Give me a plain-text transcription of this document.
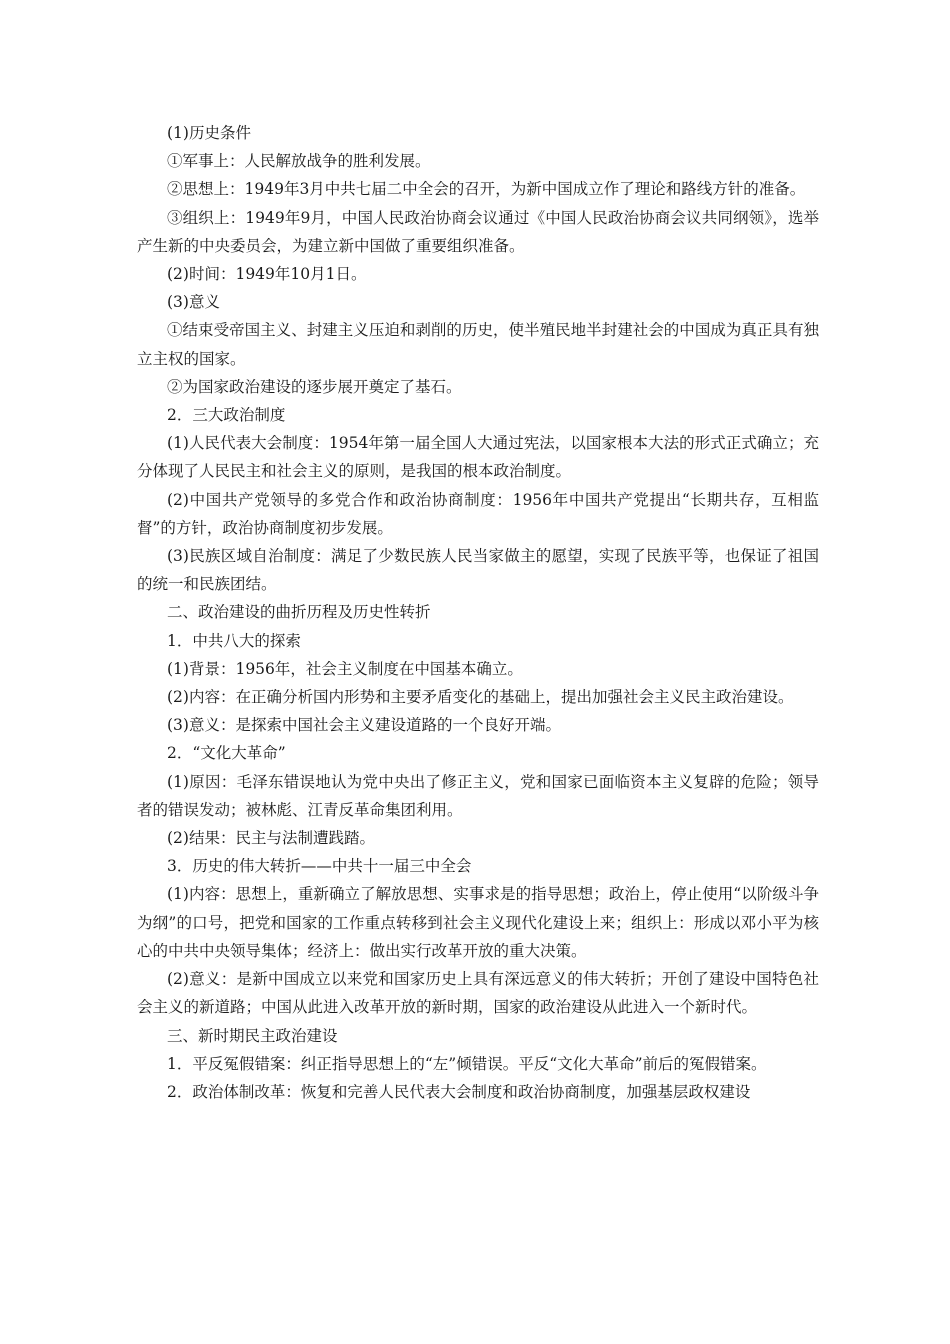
(1)历史条件

①军事上：人民解放战争的胜利发展。

②思想上：1949年3月中共七届二中全会的召开，为新中国成立作了理论和路线方针的准备。

③组织上：1949年9月，中国人民政治协商会议通过《中国人民政治协商会议共同纲领》，选举产生新的中央委员会，为建立新中国做了重要组织准备。

(2)时间：1949年10月1日。

(3)意义

①结束受帝国主义、封建主义压迫和剥削的历史，使半殖民地半封建社会的中国成为真正具有独立主权的国家。

②为国家政治建设的逐步展开奠定了基石。

2．三大政治制度

(1)人民代表大会制度：1954年第一届全国人大通过宪法，以国家根本大法的形式正式确立；充分体现了人民民主和社会主义的原则，是我国的根本政治制度。

(2)中国共产党领导的多党合作和政治协商制度：1956年中国共产党提出“长期共存，互相监督”的方针，政治协商制度初步发展。

(3)民族区域自治制度：满足了少数民族人民当家做主的愿望，实现了民族平等，也保证了祖国的统一和民族团结。

二、政治建设的曲折历程及历史性转折

1．中共八大的探索

(1)背景：1956年，社会主义制度在中国基本确立。

(2)内容：在正确分析国内形势和主要矛盾变化的基础上，提出加强社会主义民主政治建设。

(3)意义：是探索中国社会主义建设道路的一个良好开端。

2．“文化大革命”

(1)原因：毛泽东错误地认为党中央出了修正主义，党和国家已面临资本主义复辟的危险；领导者的错误发动；被林彪、江青反革命集团利用。

(2)结果：民主与法制遭践踏。

3．历史的伟大转折——中共十一届三中全会

(1)内容：思想上，重新确立了解放思想、实事求是的指导思想；政治上，停止使用“以阶级斗争为纲”的口号，把党和国家的工作重点转移到社会主义现代化建设上来；组织上：形成以邓小平为核心的中共中央领导集体；经济上：做出实行改革开放的重大决策。

(2)意义：是新中国成立以来党和国家历史上具有深远意义的伟大转折；开创了建设中国特色社会主义的新道路；中国从此进入改革开放的新时期，国家的政治建设从此进入一个新时代。

三、新时期民主政治建设

1．平反冤假错案：纠正指导思想上的“左”倾错误。平反“文化大革命”前后的冤假错案。

2．政治体制改革：恢复和完善人民代表大会制度和政治协商制度，加强基层政权建设
